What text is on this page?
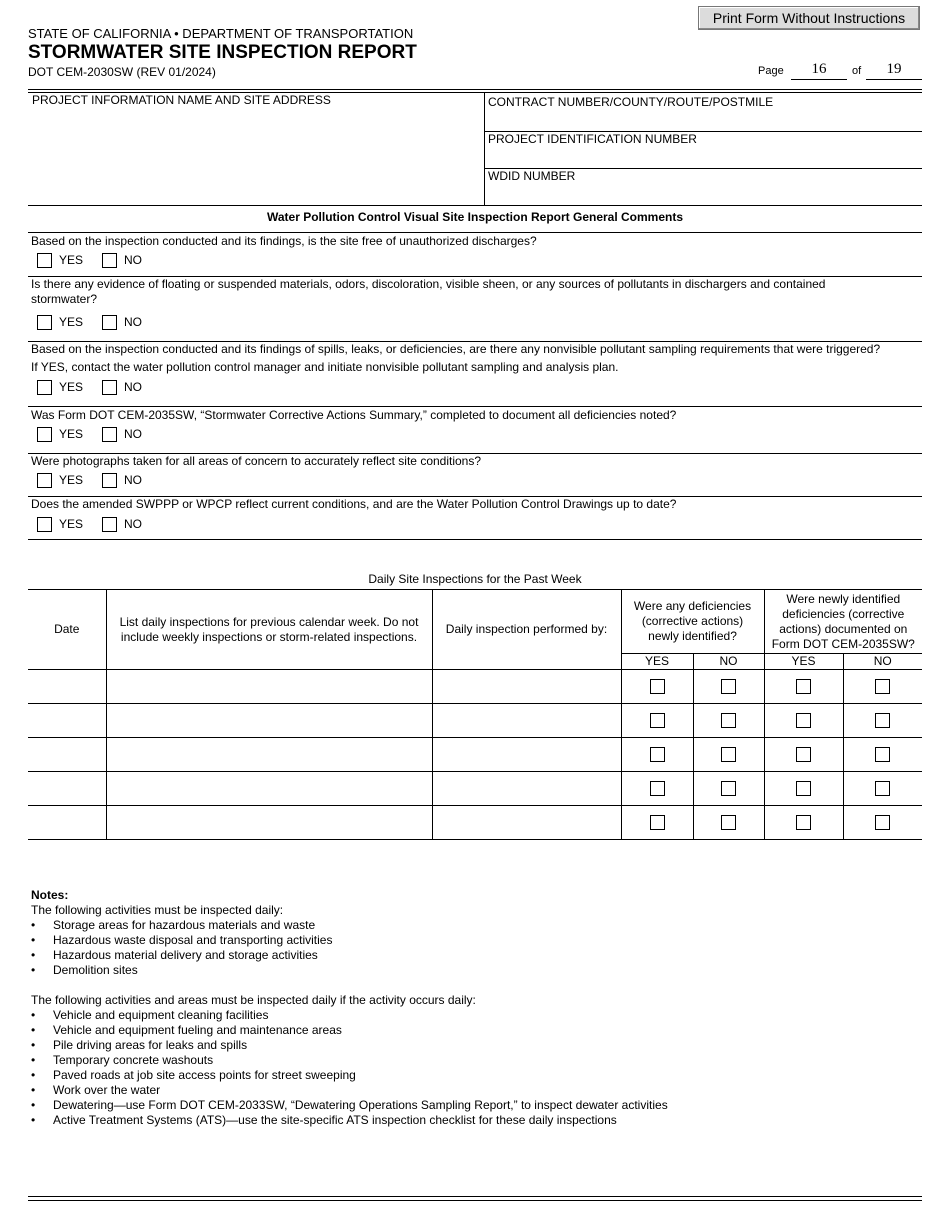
STATE OF CALIFORNIA • DEPARTMENT OF TRANSPORTATION
STORMWATER SITE INSPECTION REPORT
DOT CEM-2030SW (REV 01/2024)
Print Form Without Instructions
Page	16	of	19
PROJECT INFORMATION NAME AND SITE ADDRESS	CONTRACT NUMBER/COUNTY/ROUTE/POSTMILE
PROJECT IDENTIFICATION NUMBER
WDID NUMBER
Water Pollution Control Visual Site Inspection Report General Comments
Based on the inspection conducted and its findings, is the site free of unauthorized discharges?
YES	NO
Is there any evidence of floating or suspended materials, odors, discoloration, visible sheen, or any sources of pollutants in dischargers and contained stormwater?
YES	NO
Based on the inspection conducted and its findings of spills, leaks, or deficiencies, are there any nonvisible pollutant sampling requirements that were triggered?
If YES, contact the water pollution control manager and initiate nonvisible pollutant sampling and analysis plan.
YES	NO
Was Form DOT CEM-2035SW, “Stormwater Corrective Actions Summary,” completed to document all deficiencies noted?
YES	NO
Were photographs taken for all areas of concern to accurately reflect site conditions?
YES	NO
Does the amended SWPPP or WPCP reflect current conditions, and are the Water Pollution Control Drawings up to date?
YES	NO
Daily Site Inspections for the Past Week
Date	List daily inspections for previous calendar week. Do not include weekly inspections or storm-related inspections.	Daily inspection performed by:	Were any deficiencies (corrective actions) newly identified?		Were newly identified deficiencies (corrective actions) documented on Form DOT CEM-2035SW?	
			YES	NO	YES	NO

Notes:
The following activities must be inspected daily:
• Storage areas for hazardous materials and waste
• Hazardous waste disposal and transporting activities
• Hazardous material delivery and storage activities
• Demolition sites
The following activities and areas must be inspected daily if the activity occurs daily:
• Vehicle and equipment cleaning facilities
• Vehicle and equipment fueling and maintenance areas
• Pile driving areas for leaks and spills
• Temporary concrete washouts
• Paved roads at job site access points for street sweeping
• Work over the water
• Dewatering—use Form DOT CEM-2033SW, “Dewatering Operations Sampling Report,” to inspect dewater activities
• Active Treatment Systems (ATS)—use the site-specific ATS inspection checklist for these daily inspections
